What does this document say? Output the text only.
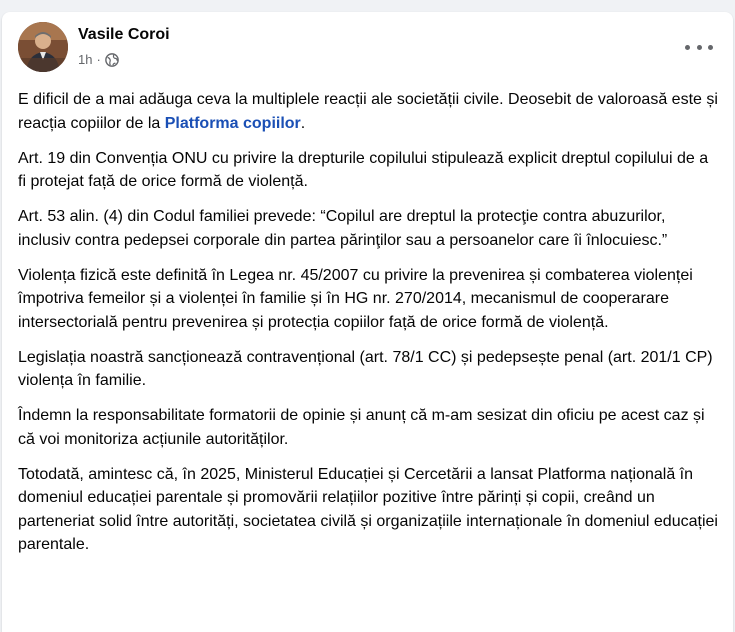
Vasile Coroi
1h ·

E dificil de a mai adăuga ceva la multiplele reacții ale societății civile. Deosebit de valoroasă este și reacția copiilor de la Platforma copiilor.

Art. 19 din Convenția ONU cu privire la drepturile copilului stipulează explicit dreptul copilului de a fi protejat față de orice formă de violență.

Art. 53 alin. (4) din Codul familiei prevede: “Copilul are dreptul la protecţie contra abuzurilor, inclusiv contra pedepsei corporale din partea părinţilor sau a persoanelor care îi înlocuiesc.”

Violența fizică este definită în Legea nr. 45/2007 cu privire la prevenirea și combaterea violenței împotriva femeilor și a violenței în familie și în HG nr. 270/2014, mecanismul de cooperarare intersectorială pentru prevenirea și protecția copiilor față de orice formă de violență.

Legislația noastră sancționează contravențional (art. 78/1 CC) și pedepsește penal (art. 201/1 CP) violența în familie.

Îndemn la responsabilitate formatorii de opinie și anunț că m-am sesizat din oficiu pe acest caz și că voi monitoriza acțiunile autorităților.

Totodată, amintesc că, în 2025, Ministerul Educației și Cercetării a lansat Platforma națională în domeniul educației parentale și promovării relațiilor pozitive între părinți și copii, creând un parteneriat solid între autorități, societatea civilă și organizațiile internaționale în domeniul educației parentale.
